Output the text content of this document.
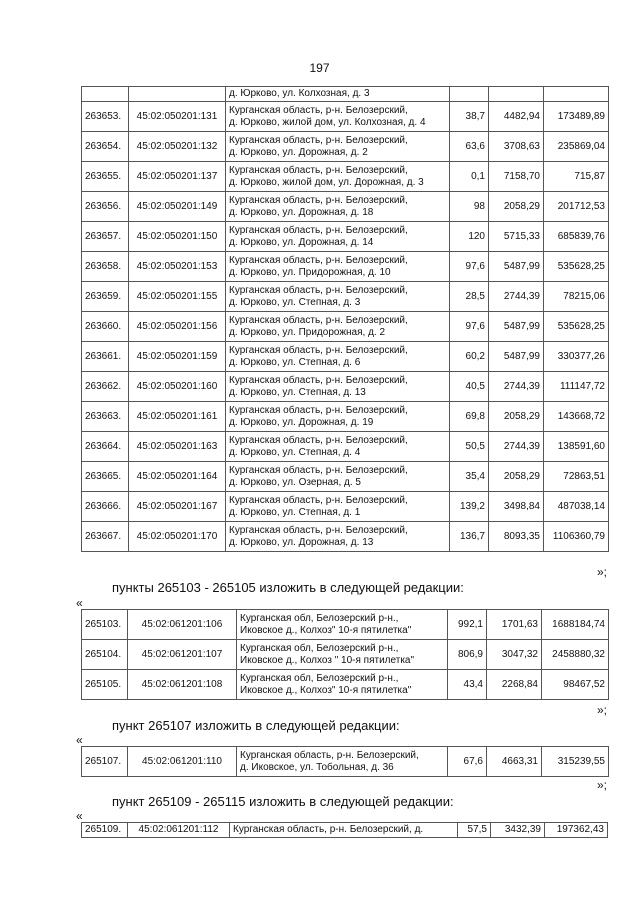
197
		д. Юрково, ул. Колхозная, д. 3			
263653.	45:02:050201:131	Курганская область, р-н. Белозерский,
д. Юрково, жилой дом, ул. Колхозная, д. 4	38,7	4482,94	173489,89
263654.	45:02:050201:132	Курганская область, р-н. Белозерский,
д. Юрково, ул. Дорожная, д. 2	63,6	3708,63	235869,04
263655.	45:02:050201:137	Курганская область, р-н. Белозерский,
д. Юрково, жилой дом, ул. Дорожная, д. 3	0,1	7158,70	715,87
263656.	45:02:050201:149	Курганская область, р-н. Белозерский,
д. Юрково, ул. Дорожная, д. 18	98	2058,29	201712,53
263657.	45:02:050201:150	Курганская область, р-н. Белозерский,
д. Юрково, ул. Дорожная, д. 14	120	5715,33	685839,76
263658.	45:02:050201:153	Курганская область, р-н. Белозерский,
д. Юрково, ул. Придорожная, д. 10	97,6	5487,99	535628,25
263659.	45:02:050201:155	Курганская область, р-н. Белозерский,
д. Юрково, ул. Степная, д. 3	28,5	2744,39	78215,06
263660.	45:02:050201:156	Курганская область, р-н. Белозерский,
д. Юрково, ул. Придорожная, д. 2	97,6	5487,99	535628,25
263661.	45:02:050201:159	Курганская область, р-н. Белозерский,
д. Юрково, ул. Степная, д. 6	60,2	5487,99	330377,26
263662.	45:02:050201:160	Курганская область, р-н. Белозерский,
д. Юрково, ул. Степная, д. 13	40,5	2744,39	111147,72
263663.	45:02:050201:161	Курганская область, р-н. Белозерский,
д. Юрково, ул. Дорожная, д. 19	69,8	2058,29	143668,72
263664.	45:02:050201:163	Курганская область, р-н. Белозерский,
д. Юрково, ул. Степная, д. 4	50,5	2744,39	138591,60
263665.	45:02:050201:164	Курганская область, р-н. Белозерский,
д. Юрково, ул. Озерная, д. 5	35,4	2058,29	72863,51
263666.	45:02:050201:167	Курганская область, р-н. Белозерский,
д. Юрково, ул. Степная, д. 1	139,2	3498,84	487038,14
263667.	45:02:050201:170	Курганская область, р-н. Белозерский,
д. Юрково, ул. Дорожная, д. 13	136,7	8093,35	1106360,79
»;
пункты 265103 - 265105 изложить в следующей редакции:
«
265103.	45:02:061201:106	Курганская обл, Белозерский р-н.,
Иковское д., Колхоз" 10-я пятилетка"	992,1	1701,63	1688184,74
265104.	45:02:061201:107	Курганская обл, Белозерский р-н.,
Иковское д., Колхоз " 10-я пятилетка"	806,9	3047,32	2458880,32
265105.	45:02:061201:108	Курганская обл, Белозерский р-н.,
Иковское д., Колхоз" 10-я пятилетка"	43,4	2268,84	98467,52
»;
пункт 265107 изложить в следующей редакции:
«
265107.	45:02:061201:110	
Курганская область, р-н. Белозерский,
д. Иковское, ул. Тобольная, д. 36
	67,6	4663,31	315239,55
»;
пункт 265109 - 265115 изложить в следующей редакции:
«
265109.	45:02:061201:112	Курганская область, р-н. Белозерский, д.	57,5	3432,39	197362,43
